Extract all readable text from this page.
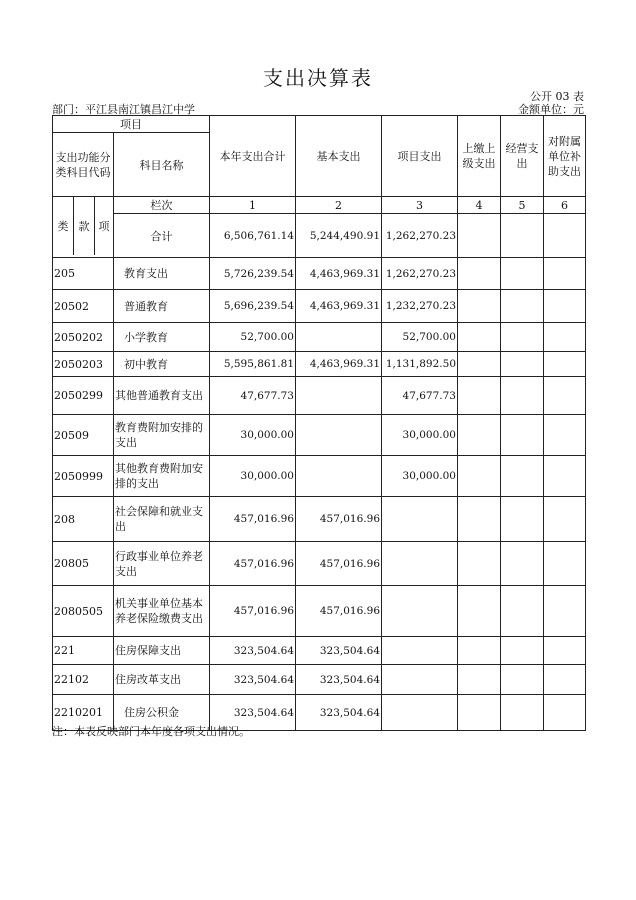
支出决算表
公开 03 表
部门：平江县南江镇昌江中学	金额单位：元
项目		本年支出合计	基本支出	项目支出	上缴上级支出	经营支出	对附属单位补助支出
支出功能分类科目代码	科目名称						

类 款 项	栏次	1	2	3	4	5	6
	合计	6,506,761.14	5,244,490.91	1,262,270.23			
205	教育支出	5,726,239.54	4,463,969.31	1,262,270.23			
20502	普通教育	5,696,239.54	4,463,969.31	1,232,270.23			
2050202	小学教育	52,700.00		52,700.00			
2050203	初中教育	5,595,861.81	4,463,969.31	1,131,892.50			
2050299	其他普通教育支出	47,677.73		47,677.73			
20509	教育费附加安排的支出	30,000.00		30,000.00			
2050999	其他教育费附加安排的支出	30,000.00		30,000.00			
208	社会保障和就业支出	457,016.96	457,016.96				
20805	行政事业单位养老支出	457,016.96	457,016.96				
2080505	机关事业单位基本养老保险缴费支出	457,016.96	457,016.96				
221	住房保障支出	323,504.64	323,504.64				
22102	住房改革支出	323,504.64	323,504.64				
2210201	住房公积金	323,504.64	323,504.64				
注：本表反映部门本年度各项支出情况。
